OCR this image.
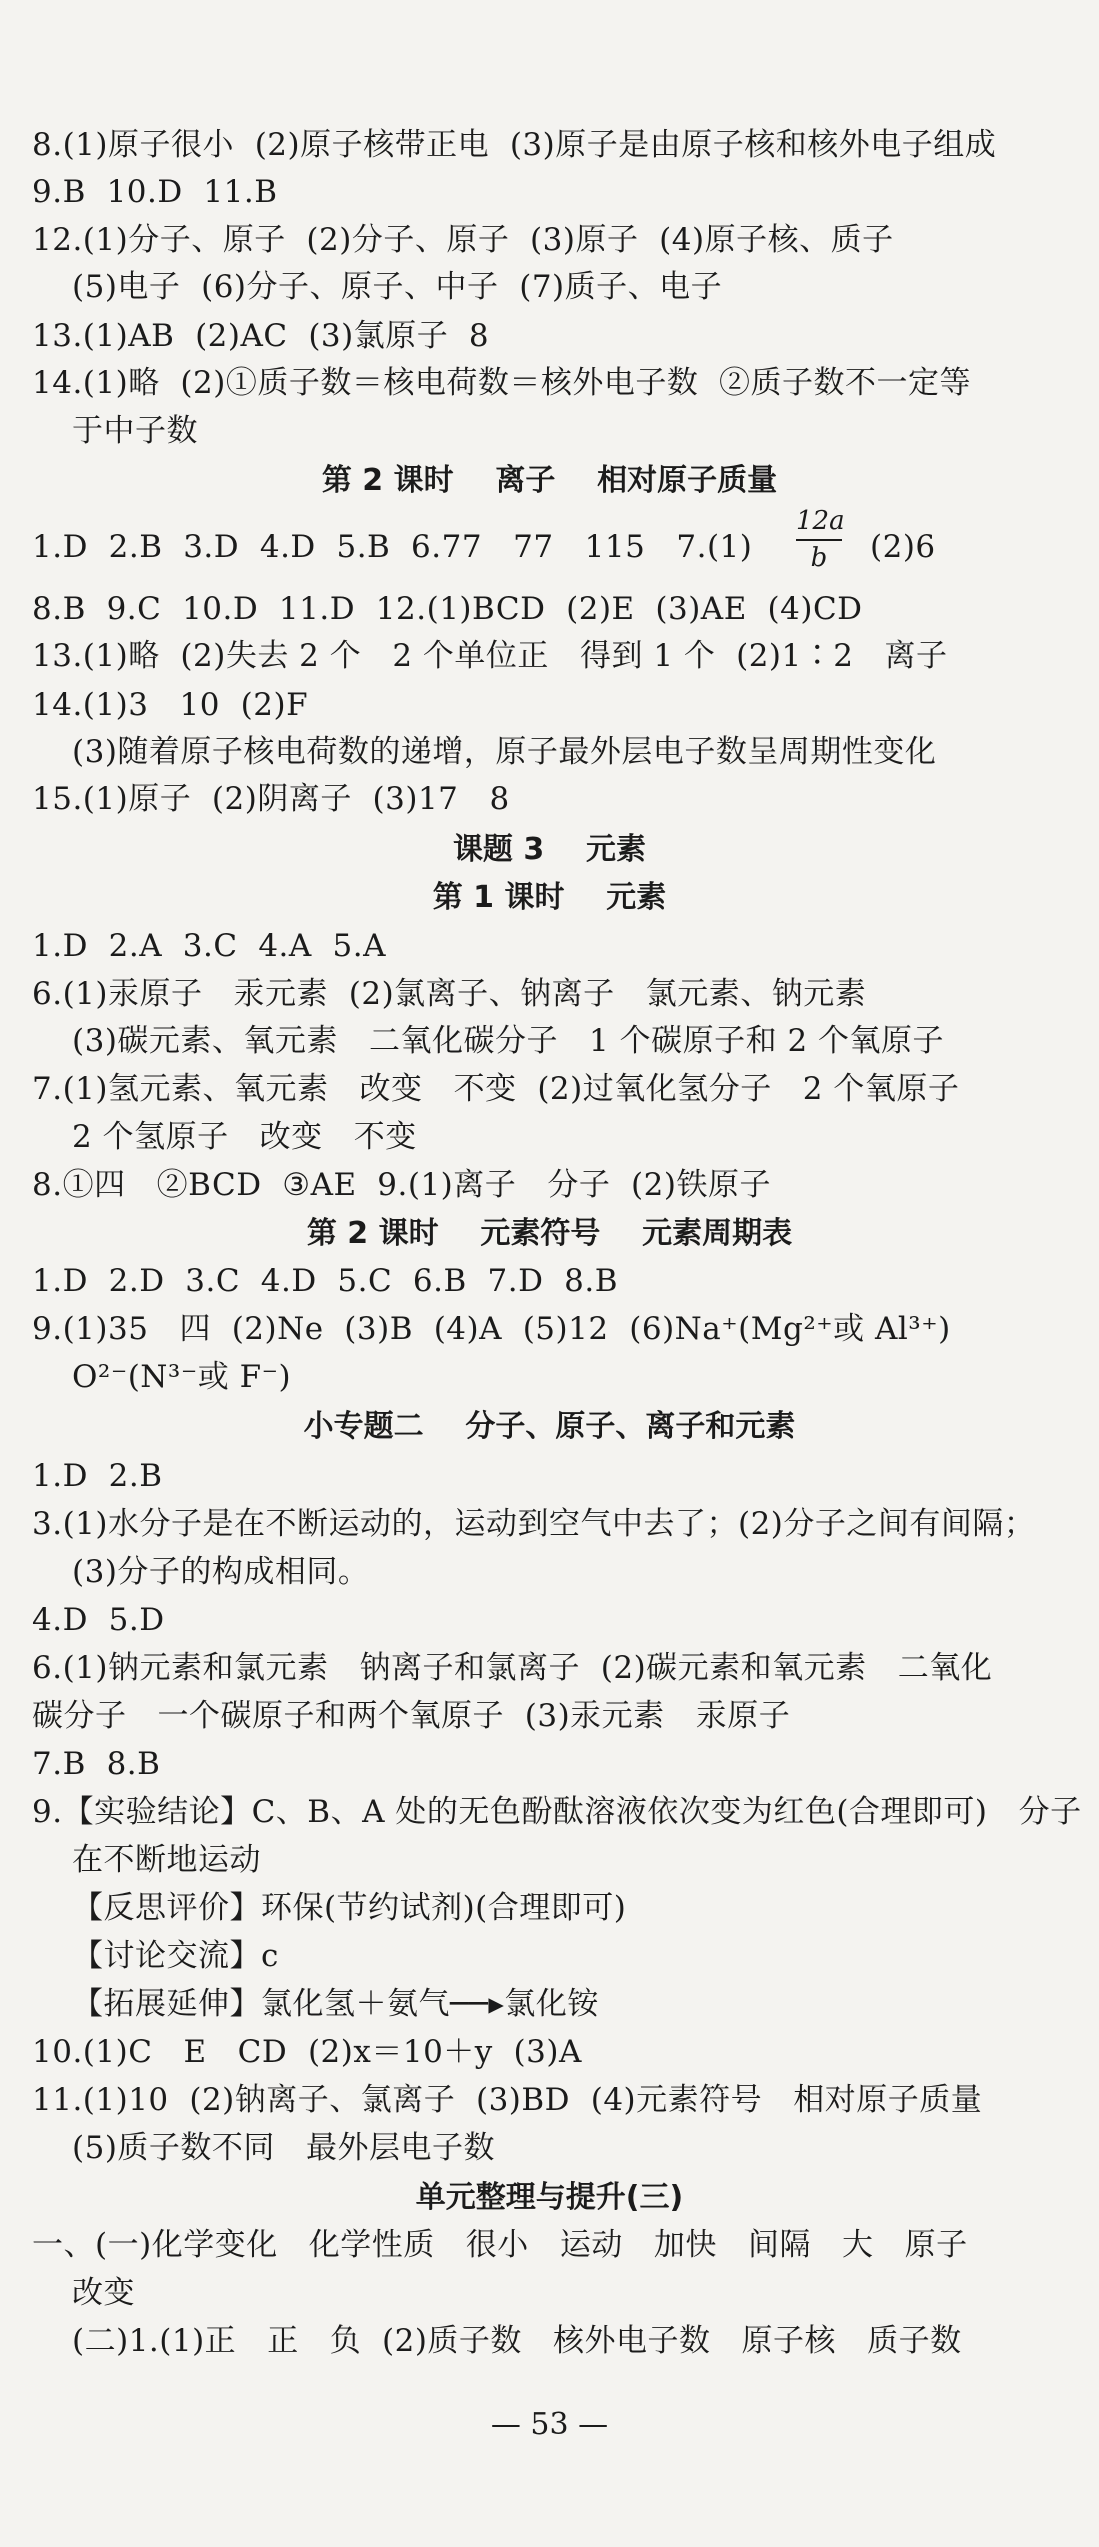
8.(1)原子很小  (2)原子核带正电  (3)原子是由原子核和核外电子组成
9.B  10.D  11.B
12.(1)分子、原子  (2)分子、原子  (3)原子  (4)原子核、质子
(5)电子  (6)分子、原子、中子  (7)质子、电子
13.(1)AB  (2)AC  (3)氯原子  8
14.(1)略  (2)①质子数＝核电荷数＝核外电子数  ②质子数不一定等
于中子数
第 2 课时    离子    相对原子质量
1.D  2.B  3.D  4.D  5.B  6.77   77   115   7.(1)
12a
b	(2)6
8.B  9.C  10.D  11.D  12.(1)BCD  (2)E  (3)AE  (4)CD
13.(1)略  (2)失去 2 个   2 个单位正   得到 1 个  (2)1∶2   离子
14.(1)3   10  (2)F
(3)随着原子核电荷数的递增，原子最外层电子数呈周期性变化
15.(1)原子  (2)阴离子  (3)17   8
课题 3    元素
第 1 课时    元素
1.D  2.A  3.C  4.A  5.A
6.(1)汞原子   汞元素  (2)氯离子、钠离子   氯元素、钠元素
(3)碳元素、氧元素   二氧化碳分子   1 个碳原子和 2 个氧原子
7.(1)氢元素、氧元素   改变   不变  (2)过氧化氢分子   2 个氧原子
2 个氢原子   改变   不变
8.①四   ②BCD  ③AE  9.(1)离子   分子  (2)铁原子
第 2 课时    元素符号    元素周期表
1.D  2.D  3.C  4.D  5.C  6.B  7.D  8.B
9.(1)35   四  (2)Ne  (3)B  (4)A  (5)12  (6)Na⁺(Mg²⁺或 Al³⁺)
O²⁻(N³⁻或 F⁻)
小专题二    分子、原子、离子和元素
1.D  2.B
3.(1)水分子是在不断运动的，运动到空气中去了；(2)分子之间有间隔；
(3)分子的构成相同。
4.D  5.D
6.(1)钠元素和氯元素   钠离子和氯离子  (2)碳元素和氧元素   二氧化
碳分子   一个碳原子和两个氧原子  (3)汞元素   汞原子
7.B  8.B
9.【实验结论】C、B、A 处的无色酚酞溶液依次变为红色(合理即可)   分子
在不断地运动
【反思评价】环保(节约试剂)(合理即可)
【讨论交流】c
【拓展延伸】氯化氢＋氨气──▸氯化铵
10.(1)C   E   CD  (2)x＝10＋y  (3)A
11.(1)10  (2)钠离子、氯离子  (3)BD  (4)元素符号   相对原子质量
(5)质子数不同   最外层电子数
单元整理与提升(三)
一、(一)化学变化   化学性质   很小   运动   加快   间隔   大   原子
改变
(二)1.(1)正   正   负  (2)质子数   核外电子数   原子核   质子数
— 53 —
